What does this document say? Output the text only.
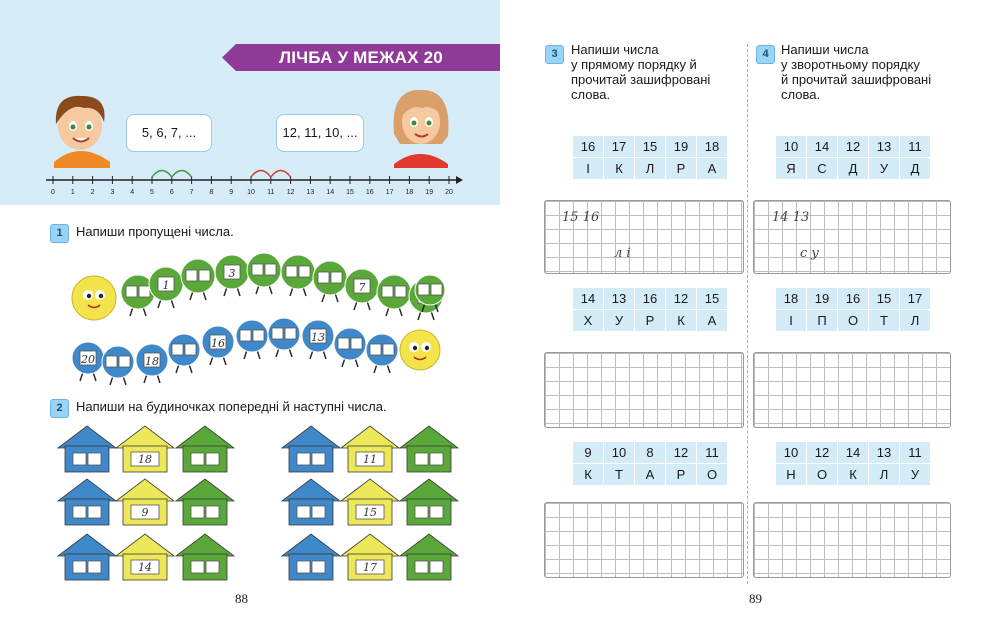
ЛІЧБА У МЕЖАХ 20
5, 6, 7, ...	12, 11, 10, ...
0 1 2 3 4 5 6 7 8 9 10 11 12 13 14 15 16 17 18 19 20
1	Напиши пропущені числа.
1
3
7
20	18
16	13
2	Напиши на будиночках попередні й наступні числа.
18	11
9	15
14	17
88
3	Напиши числа
у прямому порядку й
прочитай зашифровані
слова.
4 Напиши числа
у зворотньому порядку
й прочитай зашифровані
слова.
16	17	15	19	18
І	К	Л	Р	А
14	13	16	12	15
Х	У	Р	К	А
9	10	8	12	11
К	Т	А	Р	О
10	14	12	13	11
Я	С	Д	У	Д
18	19	16	15	17
І	П	О	Т	Л
10	12	14	13	11
Н	О	К	Л	У
15 16
л і
14 13
с у
89
